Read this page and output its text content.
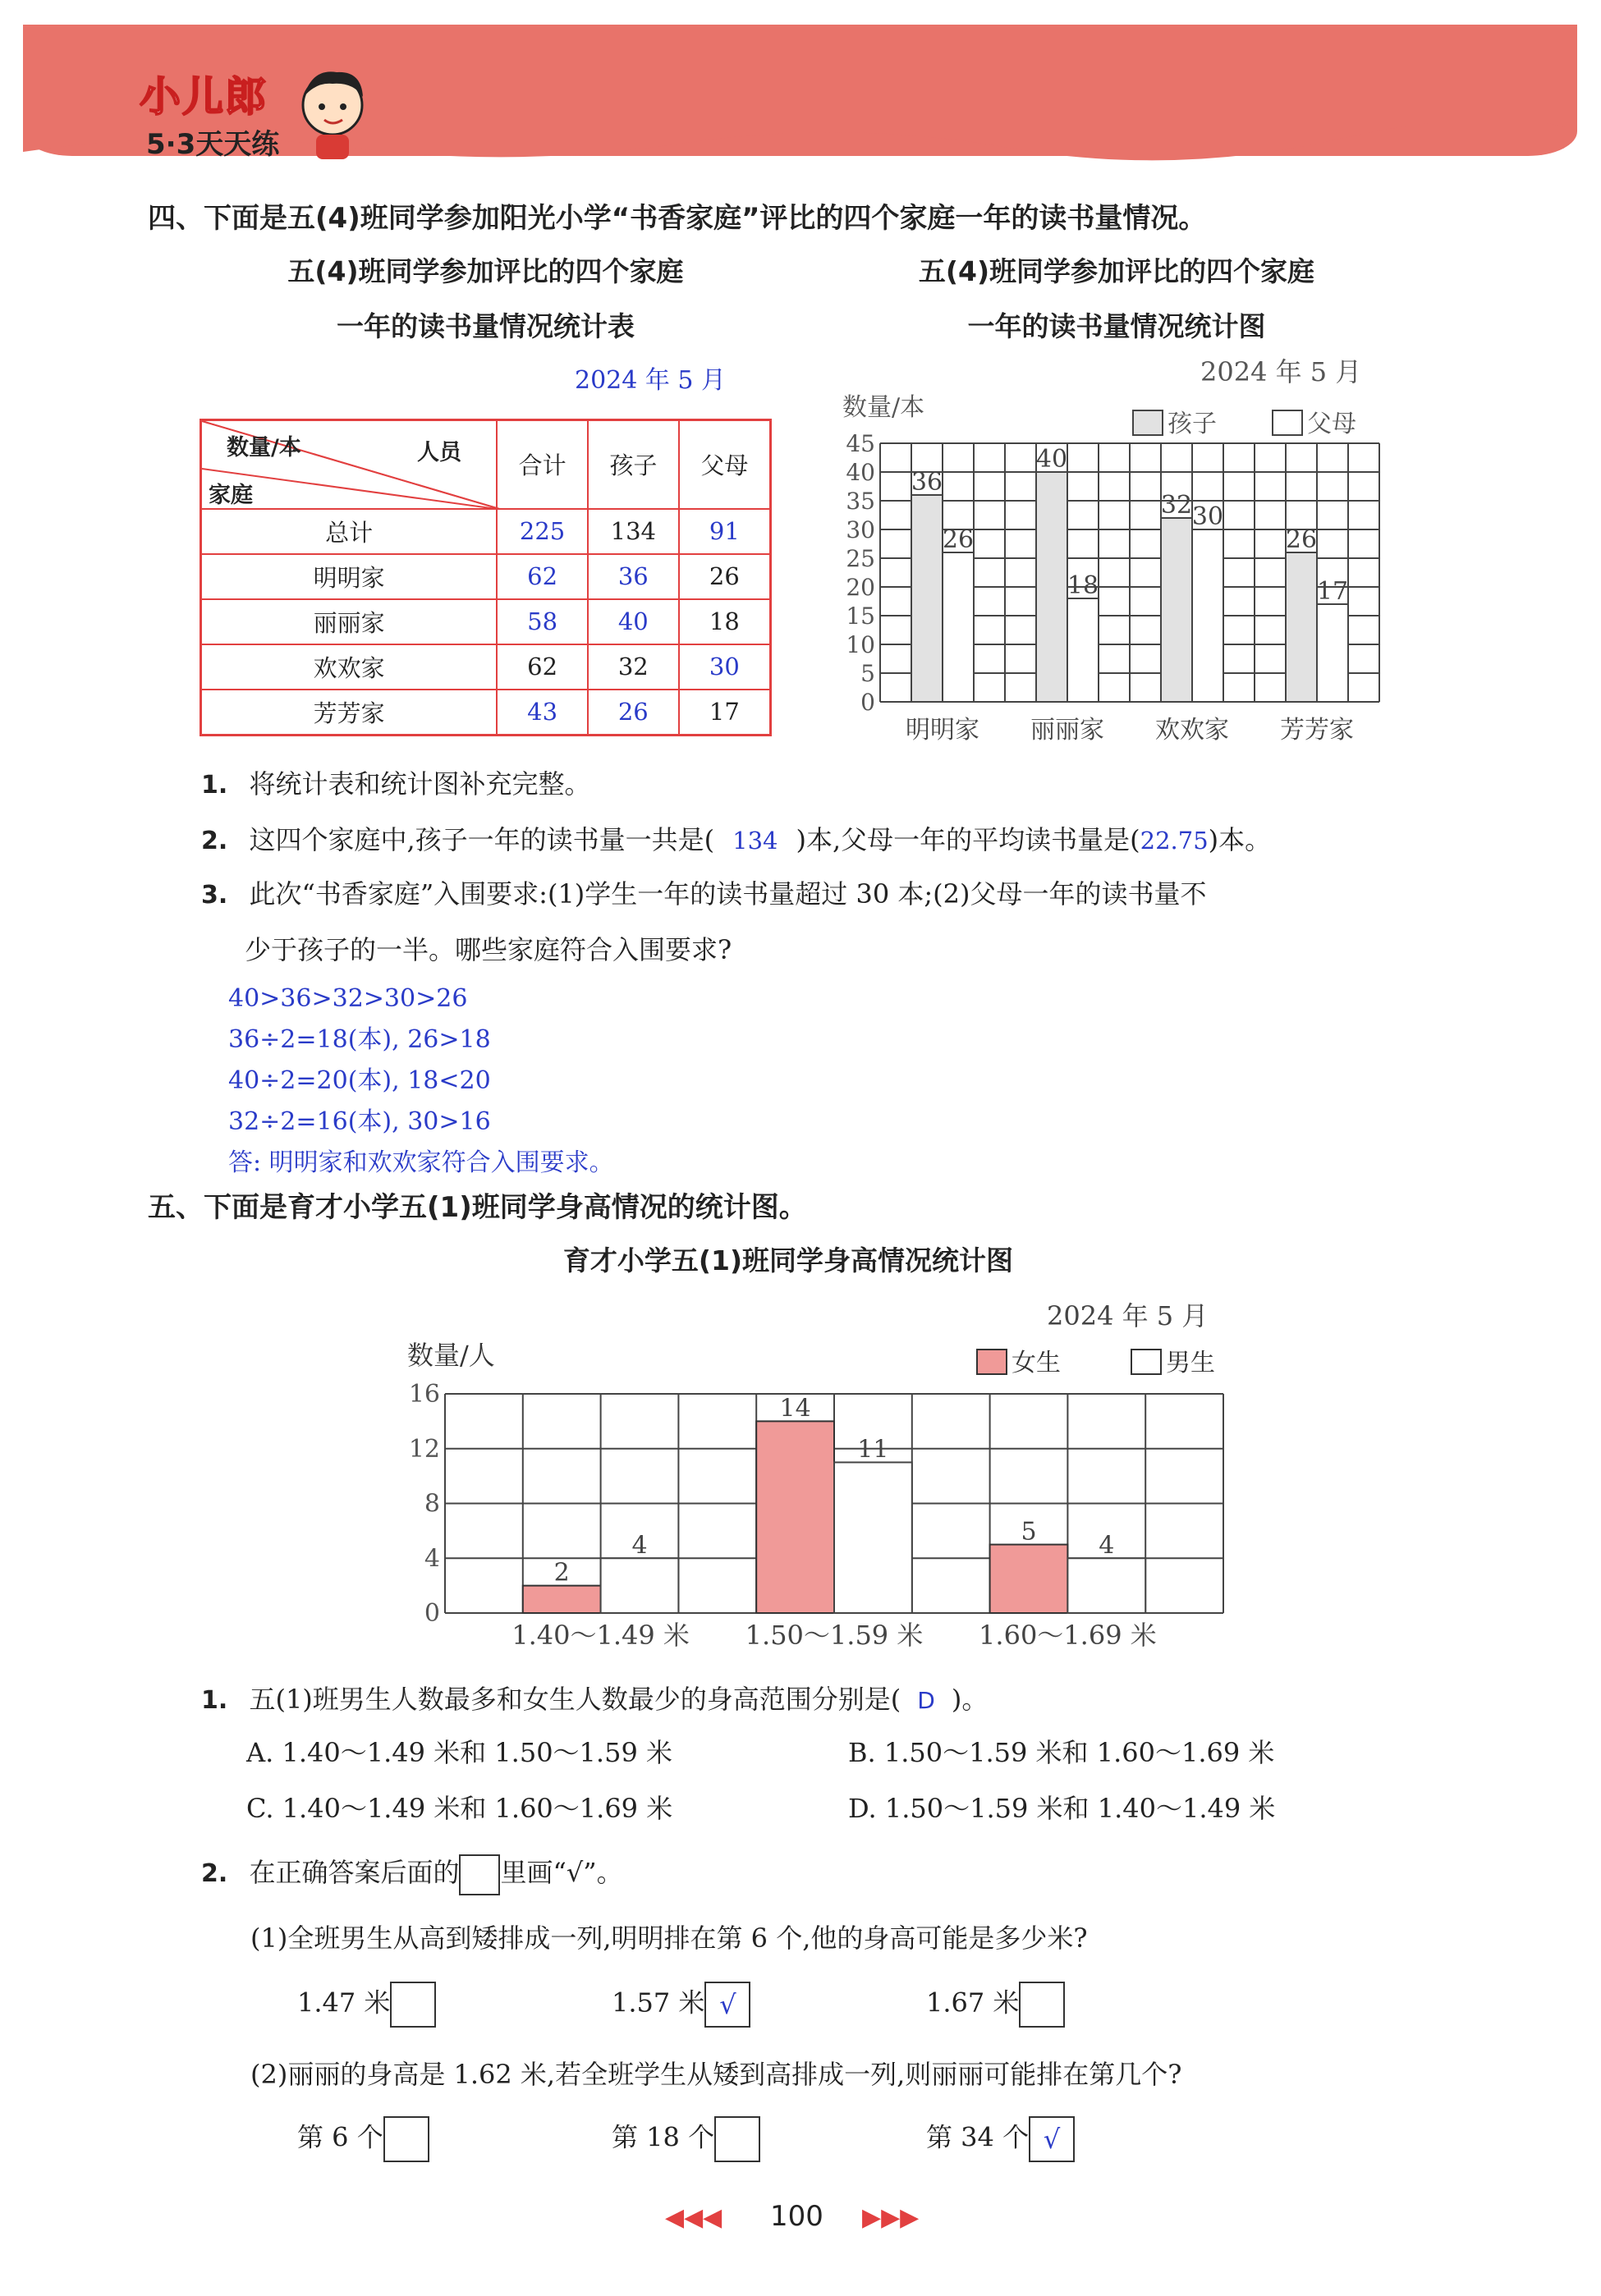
小儿郎
5·3天天练
四、下面是五(4)班同学参加阳光小学“书香家庭”评比的四个家庭一年的读书量情况。
五(4)班同学参加评比的四个家庭
一年的读书量情况统计表
2024 年 5 月
数量/本 人员
家庭	合计	孩子	父母
总计	225	134	91
明明家	62	36	26
丽丽家	58	40	18
欢欢家	62	32	30
芳芳家	43	26	17
五(4)班同学参加评比的四个家庭
一年的读书量情况统计图
2024 年 5 月
数量/本
孩子	父母
0
5
10
15
20
25
30
35
40
45
36
26
明明家
40
18
丽丽家
32 30
欢欢家
26
17
芳芳家
1. 将统计表和统计图补充完整。
2. 这四个家庭中,孩子一年的读书量一共是( 134 )本,父母一年的平均读书量是(22.75)本。
3. 此次“书香家庭”入围要求:(1)学生一年的读书量超过 30 本;(2)父母一年的读书量不
少于孩子的一半。哪些家庭符合入围要求?
40>36>32>30>26
36÷2=18(本), 26>18
40÷2=20(本), 18<20
32÷2=16(本), 30>16
答: 明明家和欢欢家符合入围要求。
五、下面是育才小学五(1)班同学身高情况的统计图。
育才小学五(1)班同学身高情况统计图
2024 年 5 月
数量/人	女生	男生
0
4
8
12
16
2
4
1.40～1.49 米
14
11
1.50～1.59 米
5	4
1.60～1.69 米
1. 五(1)班男生人数最多和女生人数最少的身高范围分别是( D )。
A. 1.40～1.49 米和 1.50～1.59 米	B. 1.50～1.59 米和 1.60～1.69 米
C. 1.40～1.49 米和 1.60～1.69 米	D. 1.50～1.59 米和 1.40～1.49 米
2. 在正确答案后面的 里画“√”。
(1)全班男生从高到矮排成一列,明明排在第 6 个,他的身高可能是多少米?
1.47 米	1.57 米 √	1.67 米
(2)丽丽的身高是 1.62 米,若全班学生从矮到高排成一列,则丽丽可能排在第几个?
第 6 个	第 18 个	第 34 个 √
◀◀◀ 100 ▶▶▶
